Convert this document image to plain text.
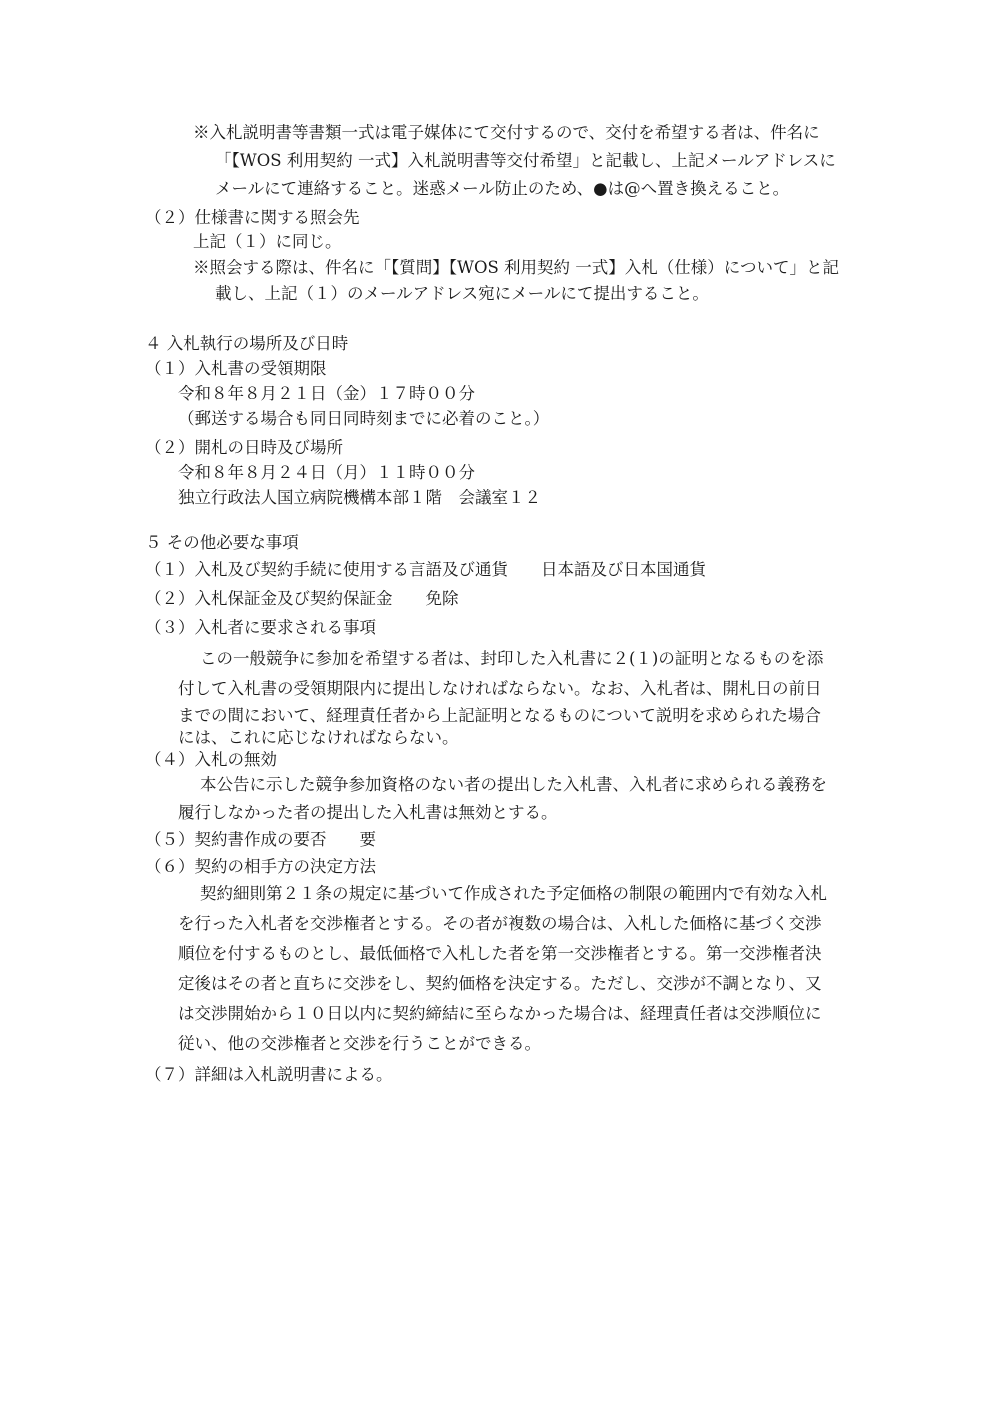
※入札説明書等書類一式は電子媒体にて交付するので、交付を希望する者は、件名に
「【WOS 利用契約 一式】入札説明書等交付希望」と記載し、上記メールアドレスに
メールにて連絡すること。迷惑メール防止のため、●は@へ置き換えること。
（２）仕様書に関する照会先
上記（１）に同じ。
※照会する際は、件名に「【質問】【WOS 利用契約 一式】入札（仕様）について」と記
載し、上記（１）のメールアドレス宛にメールにて提出すること。
４ 入札執行の場所及び日時
（１）入札書の受領期限
令和８年８月２１日（金）１７時００分
（郵送する場合も同日同時刻までに必着のこと。）
（２）開札の日時及び場所
令和８年８月２４日（月）１１時００分
独立行政法人国立病院機構本部１階　会議室１２
５ その他必要な事項
（１）入札及び契約手続に使用する言語及び通貨　　日本語及び日本国通貨
（２）入札保証金及び契約保証金　　免除
（３）入札者に要求される事項
この一般競争に参加を希望する者は、封印した入札書に２(１)の証明となるものを添
付して入札書の受領期限内に提出しなければならない。なお、入札者は、開札日の前日
までの間において、経理責任者から上記証明となるものについて説明を求められた場合
には、これに応じなければならない。
（４）入札の無効
本公告に示した競争参加資格のない者の提出した入札書、入札者に求められる義務を
履行しなかった者の提出した入札書は無効とする。
（５）契約書作成の要否　　要
（６）契約の相手方の決定方法
契約細則第２１条の規定に基づいて作成された予定価格の制限の範囲内で有効な入札
を行った入札者を交渉権者とする。その者が複数の場合は、入札した価格に基づく交渉
順位を付するものとし、最低価格で入札した者を第一交渉権者とする。第一交渉権者決
定後はその者と直ちに交渉をし、契約価格を決定する。ただし、交渉が不調となり、又
は交渉開始から１０日以内に契約締結に至らなかった場合は、経理責任者は交渉順位に
従い、他の交渉権者と交渉を行うことができる。
（７）詳細は入札説明書による。
